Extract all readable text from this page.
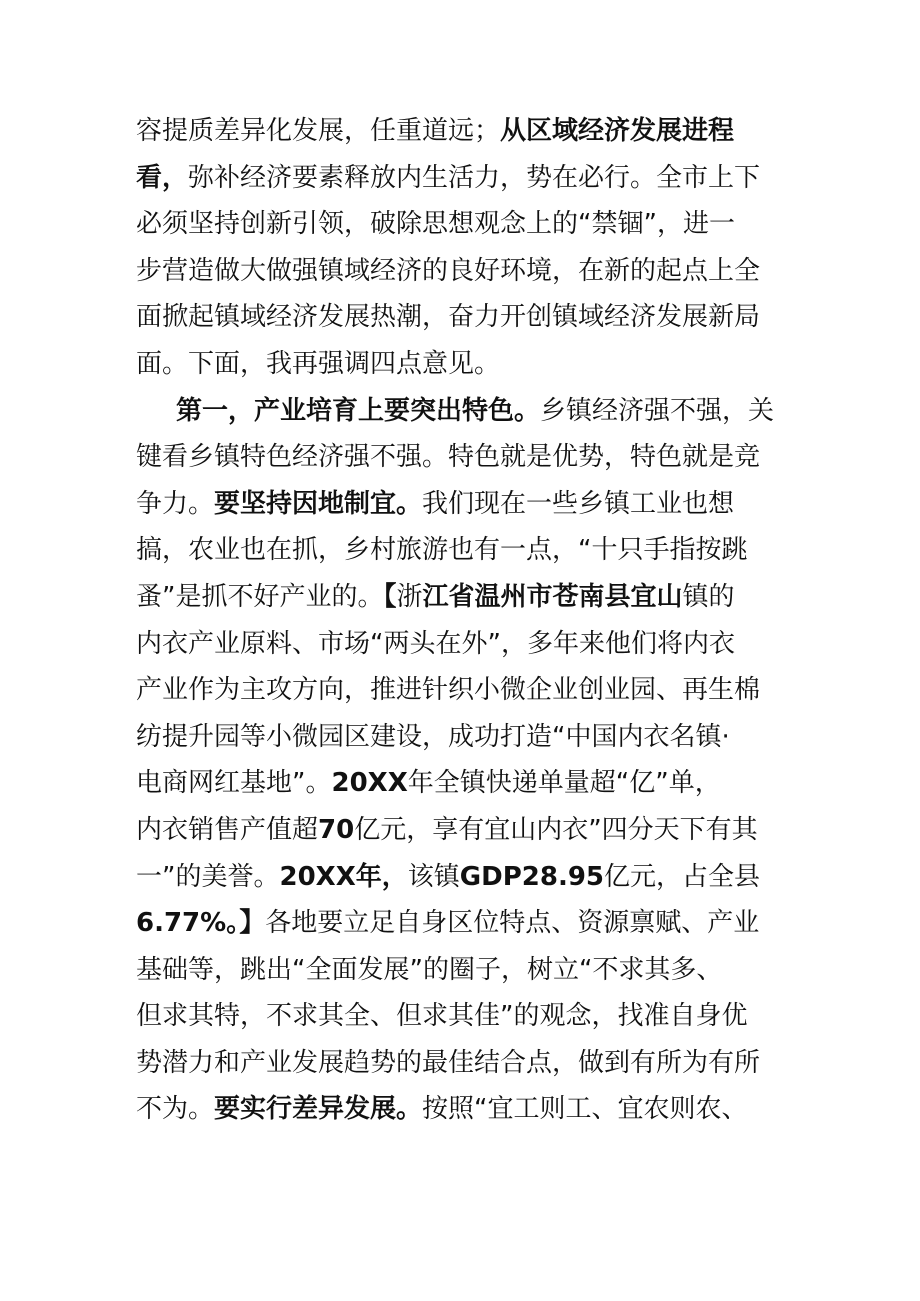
容提质差异化发展，任重道远；从区域经济发展进程
看，弥补经济要素释放内生活力，势在必行。全市上下
必须坚持创新引领，破除思想观念上的“禁锢”，进一
步营造做大做强镇域经济的良好环境，在新的起点上全
面掀起镇域经济发展热潮，奋力开创镇域经济发展新局
面。下面，我再强调四点意见。
第一，产业培育上要突出特色。乡镇经济强不强，关
键看乡镇特色经济强不强。特色就是优势，特色就是竞
争力。要坚持因地制宜。我们现在一些乡镇工业也想
搞，农业也在抓，乡村旅游也有一点，“十只手指按跳
蚤”是抓不好产业的。【浙江省温州市苍南县宜山镇的
内衣产业原料、市场“两头在外”，多年来他们将内衣
产业作为主攻方向，推进针织小微企业创业园、再生棉
纺提升园等小微园区建设，成功打造“中国内衣名镇·
电商网红基地”。20XX年全镇快递单量超“亿”单，
内衣销售产值超70亿元，享有宜山内衣”四分天下有其
一”的美誉。20XX年，该镇GDP28.95亿元，占全县
6.77%。】各地要立足自身区位特点、资源禀赋、产业
基础等，跳出“全面发展”的圈子，树立“不求其多、
但求其特，不求其全、但求其佳”的观念，找准自身优
势潜力和产业发展趋势的最佳结合点，做到有所为有所
不为。要实行差异发展。按照“宜工则工、宜农则农、
